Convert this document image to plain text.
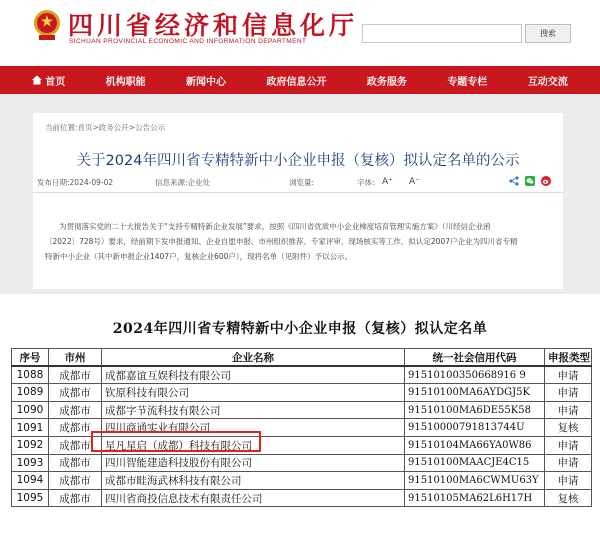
四川省经济和信息化厅
SICHUAN PROVINCIAL ECONOMIC AND INFORMATION DEPARTMENT
搜索
首页	机构职能	新闻中心	政府信息公开	政务服务	专题专栏	互动交流
当前位置:首页>政务公开>公告公示
关于2024年四川省专精特新中小企业申报（复核）拟认定名单的公示
发布日期:2024-09-02	信息来源:企业处	浏览量:	字体: A⁺ A⁻

为贯彻落实党的二十大报告关于“支持专精特新企业发展”要求，按照《四川省优质中小企业梯度培育管理实施方案》（川经信企业函

〔2022〕728号）要求，经前期下发申报通知、企业自愿申报、市州组织推荐、专家评审、现场核实等工作，拟认定2007户企业为四川省专精

特新中小企业（其中新申报企业1407户，复核企业600户），现将名单（见附件）予以公示。

2024年四川省专精特新中小企业申报（复核）拟认定名单
序号	市州	企业名称	统一社会信用代码	申报类型
1088	成都市	成都嘉谊互娱科技有限公司	91510100350668916 9	申请
1089	成都市	钦原科技有限公司	91510100MA6AYDGJ5K	申请
1090	成都市	成都字节流科技有限公司	91510100MA6DE55K58	申请
1091	成都市	四川商通实业有限公司	91510000791813744U	复核
1092	成都市	星凡星启（成都）科技有限公司	91510104MA66YA0W86	申请
1093	成都市	四川智能建造科技股份有限公司	91510100MAACJE4C15	申请
1094	成都市	成都市畦海武林科技有限公司	91510100MA6CWMU63Y	申请
1095	成都市	四川省商投信息技术有限责任公司	91510105MA62L6H17H	复核
